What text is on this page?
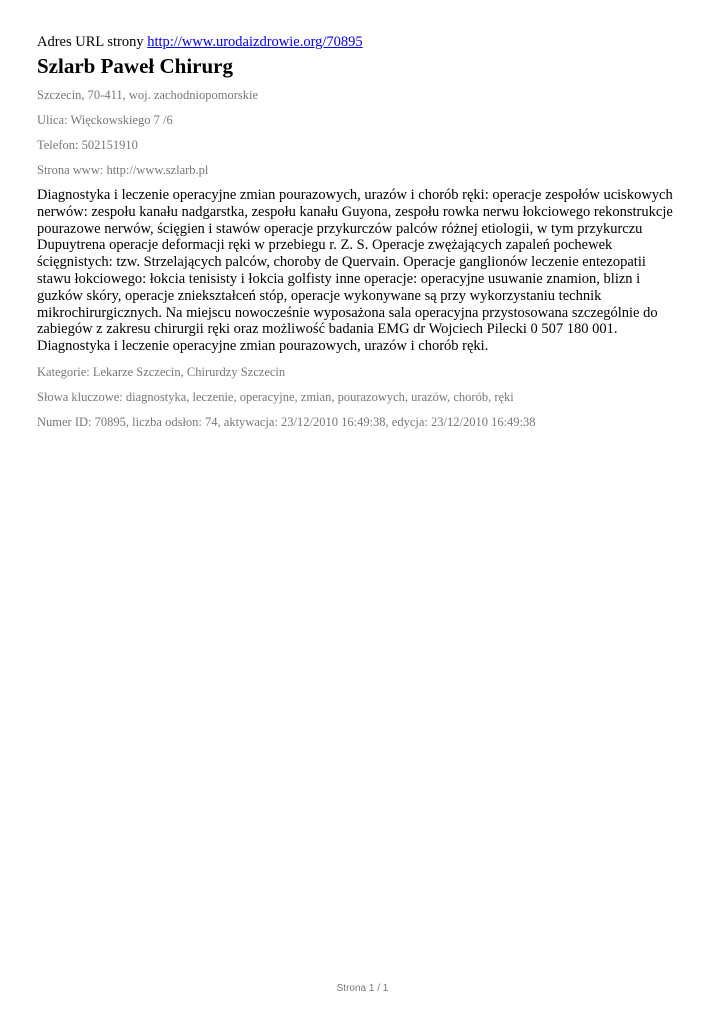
Adres URL strony http://www.urodaizdrowie.org/70895
Szlarb Paweł Chirurg
Szczecin, 70-411, woj. zachodniopomorskie
Ulica: Więckowskiego 7 /6
Telefon: 502151910
Strona www: http://www.szlarb.pl
Diagnostyka i leczenie operacyjne zmian pourazowych, urazów i chorób ręki: operacje zespołów uciskowych nerwów: zespołu kanału nadgarstka, zespołu kanału Guyona, zespołu rowka nerwu łokciowego rekonstrukcje pourazowe nerwów, ścięgien i stawów operacje przykurczów palców różnej etiologii, w tym przykurczu Dupuytrena operacje deformacji ręki w przebiegu r. Z. S. Operacje zwężających zapaleń pochewek ścięgnistych: tzw. Strzelających palców, choroby de Quervain. Operacje ganglionów leczenie entezopatii stawu łokciowego: łokcia tenisisty i łokcia golfisty inne operacje: operacyjne usuwanie znamion, blizn i guzków skóry, operacje zniekształceń stóp, operacje wykonywane są przy wykorzystaniu technik mikrochirurgicznych. Na miejscu nowocześnie wyposażona sala operacyjna przystosowana szczególnie do zabiegów z zakresu chirurgii ręki oraz możliwość badania EMG dr Wojciech Pilecki 0 507 180 001. Diagnostyka i leczenie operacyjne zmian pourazowych, urazów i chorób ręki.
Kategorie: Lekarze Szczecin, Chirurdzy Szczecin
Słowa kluczowe: diagnostyka, leczenie, operacyjne, zmian, pourazowych, urazów, chorób, ręki
Numer ID: 70895, liczba odsłon: 74, aktywacja: 23/12/2010 16:49:38, edycja: 23/12/2010 16:49:38
Strona 1 / 1
